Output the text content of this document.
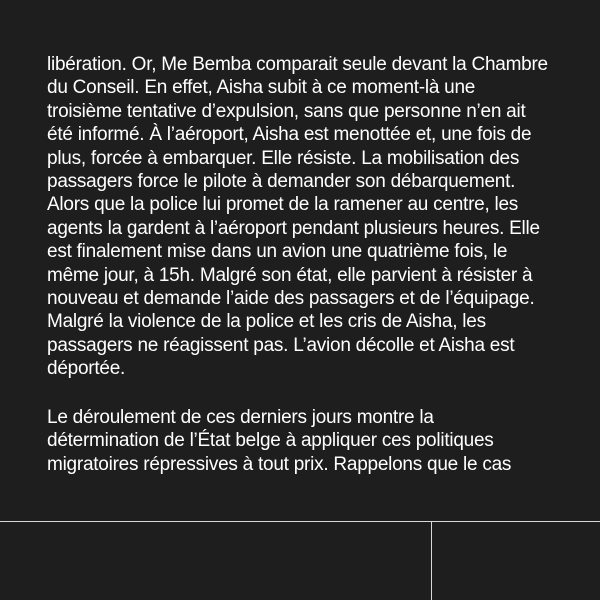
libération. Or, Me Bemba comparait seule devant la Chambre
du Conseil. En effet, Aisha subit à ce moment-là une
troisième tentative d’expulsion, sans que personne n’en ait
été informé. À l’aéroport, Aisha est menottée et, une fois de
plus, forcée à embarquer. Elle résiste. La mobilisation des
passagers force le pilote à demander son débarquement.
Alors que la police lui promet de la ramener au centre, les
agents la gardent à l’aéroport pendant plusieurs heures. Elle
est finalement mise dans un avion une quatrième fois, le
même jour, à 15h. Malgré son état, elle parvient à résister à
nouveau et demande l’aide des passagers et de l’équipage.
Malgré la violence de la police et les cris de Aisha, les
passagers ne réagissent pas. L’avion décolle et Aisha est
déportée.
Le déroulement de ces derniers jours montre la
détermination de l’État belge à appliquer ces politiques
migratoires répressives à tout prix. Rappelons que le cas
